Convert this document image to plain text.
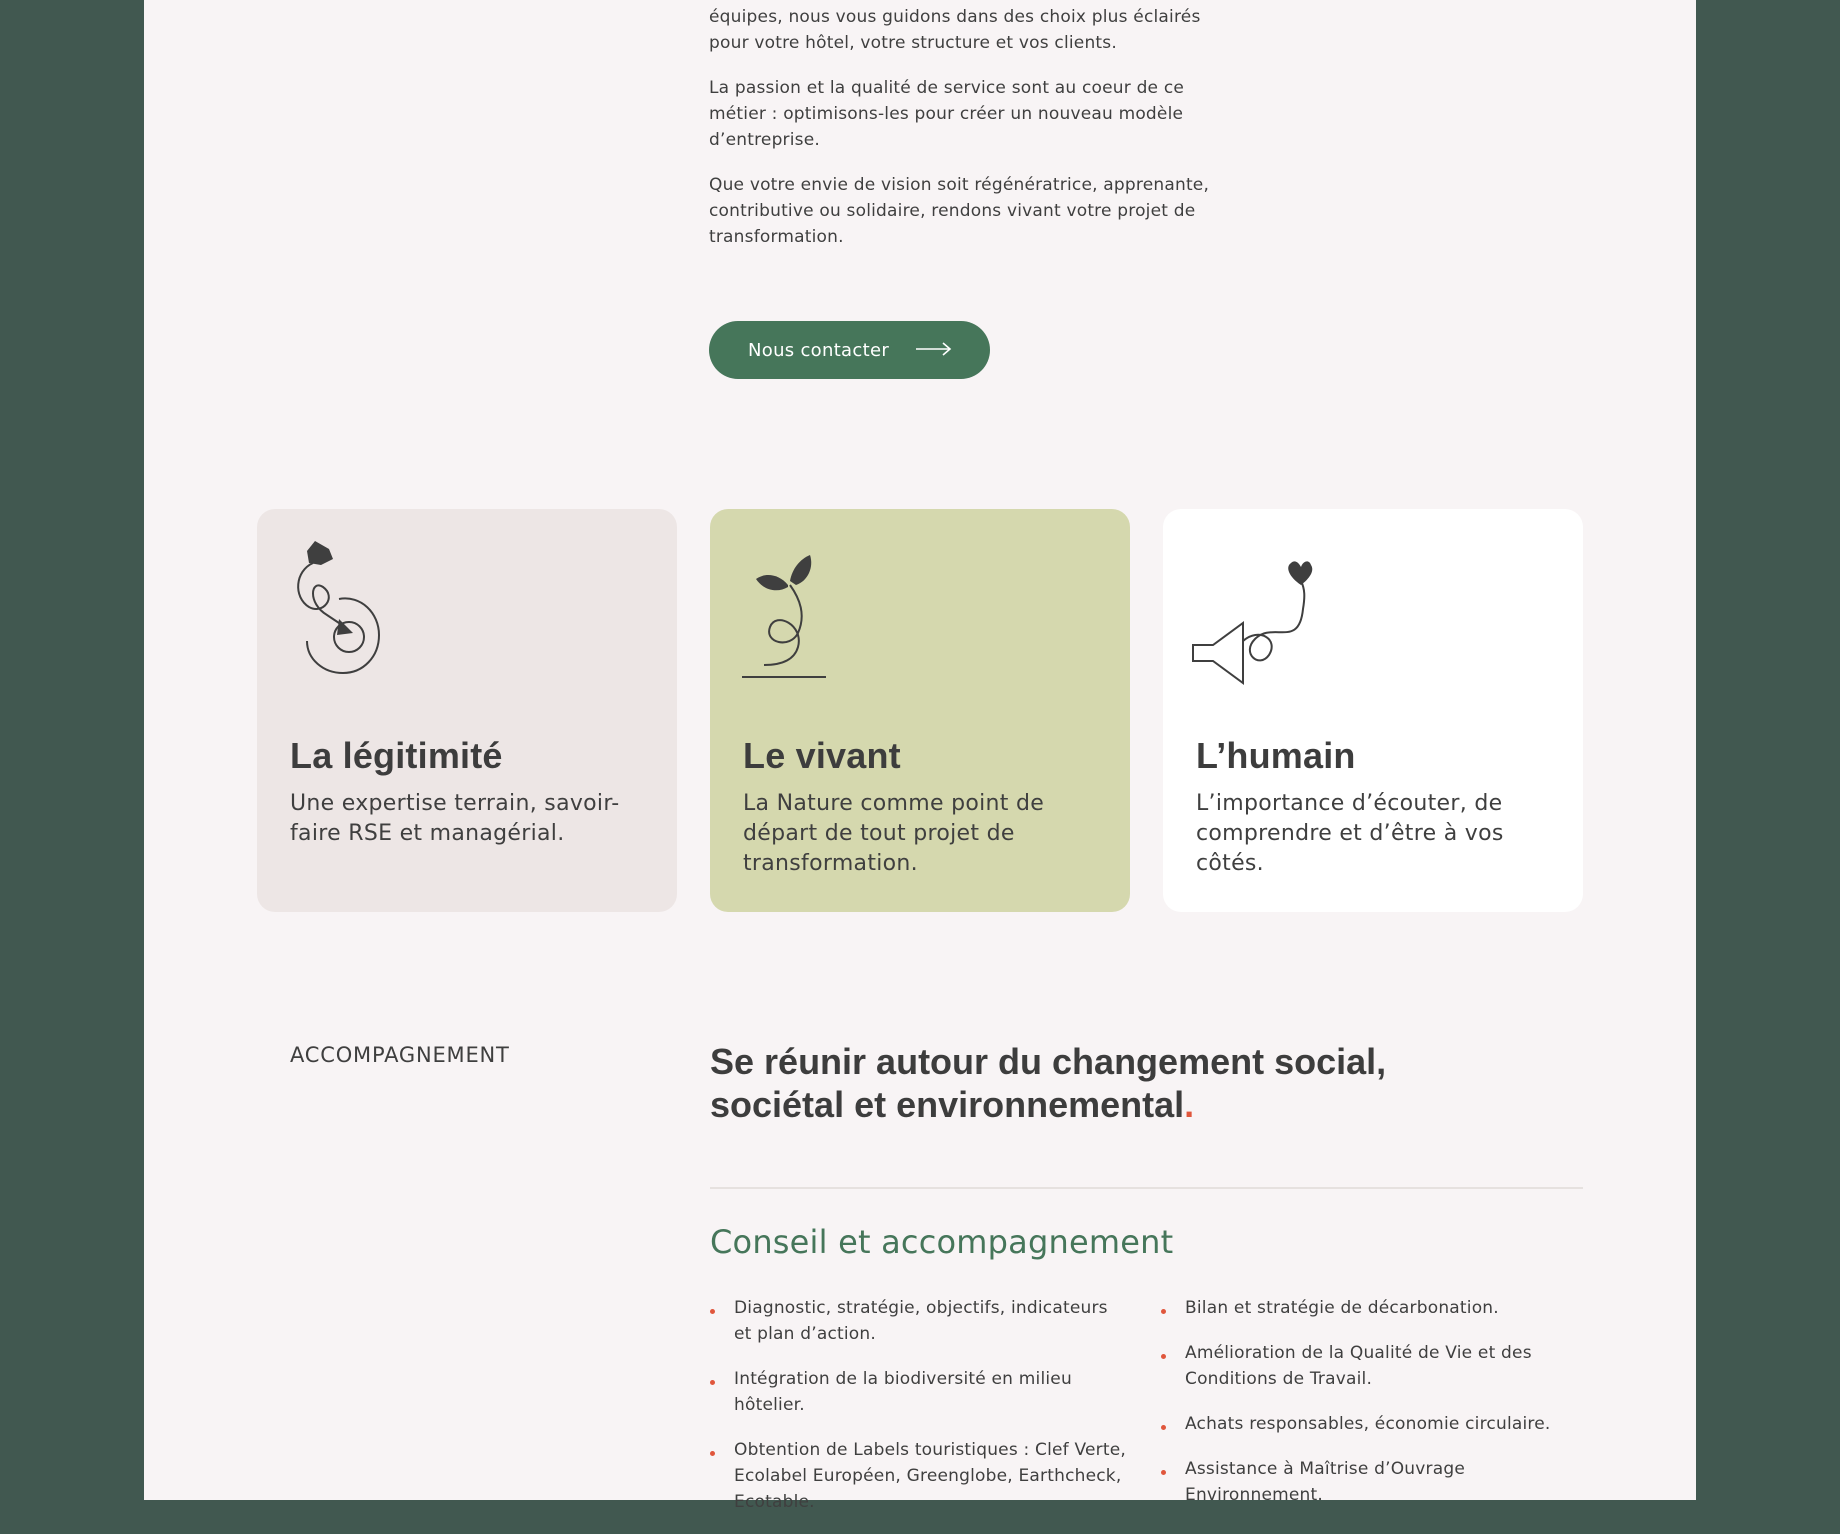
équipes, nous vous guidons dans des choix plus éclairés pour votre hôtel, votre structure et vos clients.

La passion et la qualité de service sont au coeur de ce métier : optimisons-les pour créer un nouveau modèle d’entreprise.

Que votre envie de vision soit régénératrice, apprenante, contributive ou solidaire, rendons vivant votre projet de transformation.

Nous contacter
La légitimité

Une expertise terrain, savoir-faire RSE et managérial.

Le vivant

La Nature comme point de départ de tout projet de transformation.

L’humain

L’importance d’écouter, de comprendre et d’être à vos côtés.

ACCOMPAGNEMENT	Se réunir autour du changement social, sociétal et environnemental.
Conseil et accompagnement
Diagnostic, stratégie, objectifs, indicateurs et plan d’action.
Intégration de la biodiversité en milieu hôtelier.
Obtention de Labels touristiques : Clef Verte, Ecolabel Européen, Greenglobe, Earthcheck, Ecotable.
Bilan et stratégie de décarbonation.
Amélioration de la Qualité de Vie et des Conditions de Travail.
Achats responsables, économie circulaire.
Assistance à Maîtrise d’Ouvrage Environnement.
